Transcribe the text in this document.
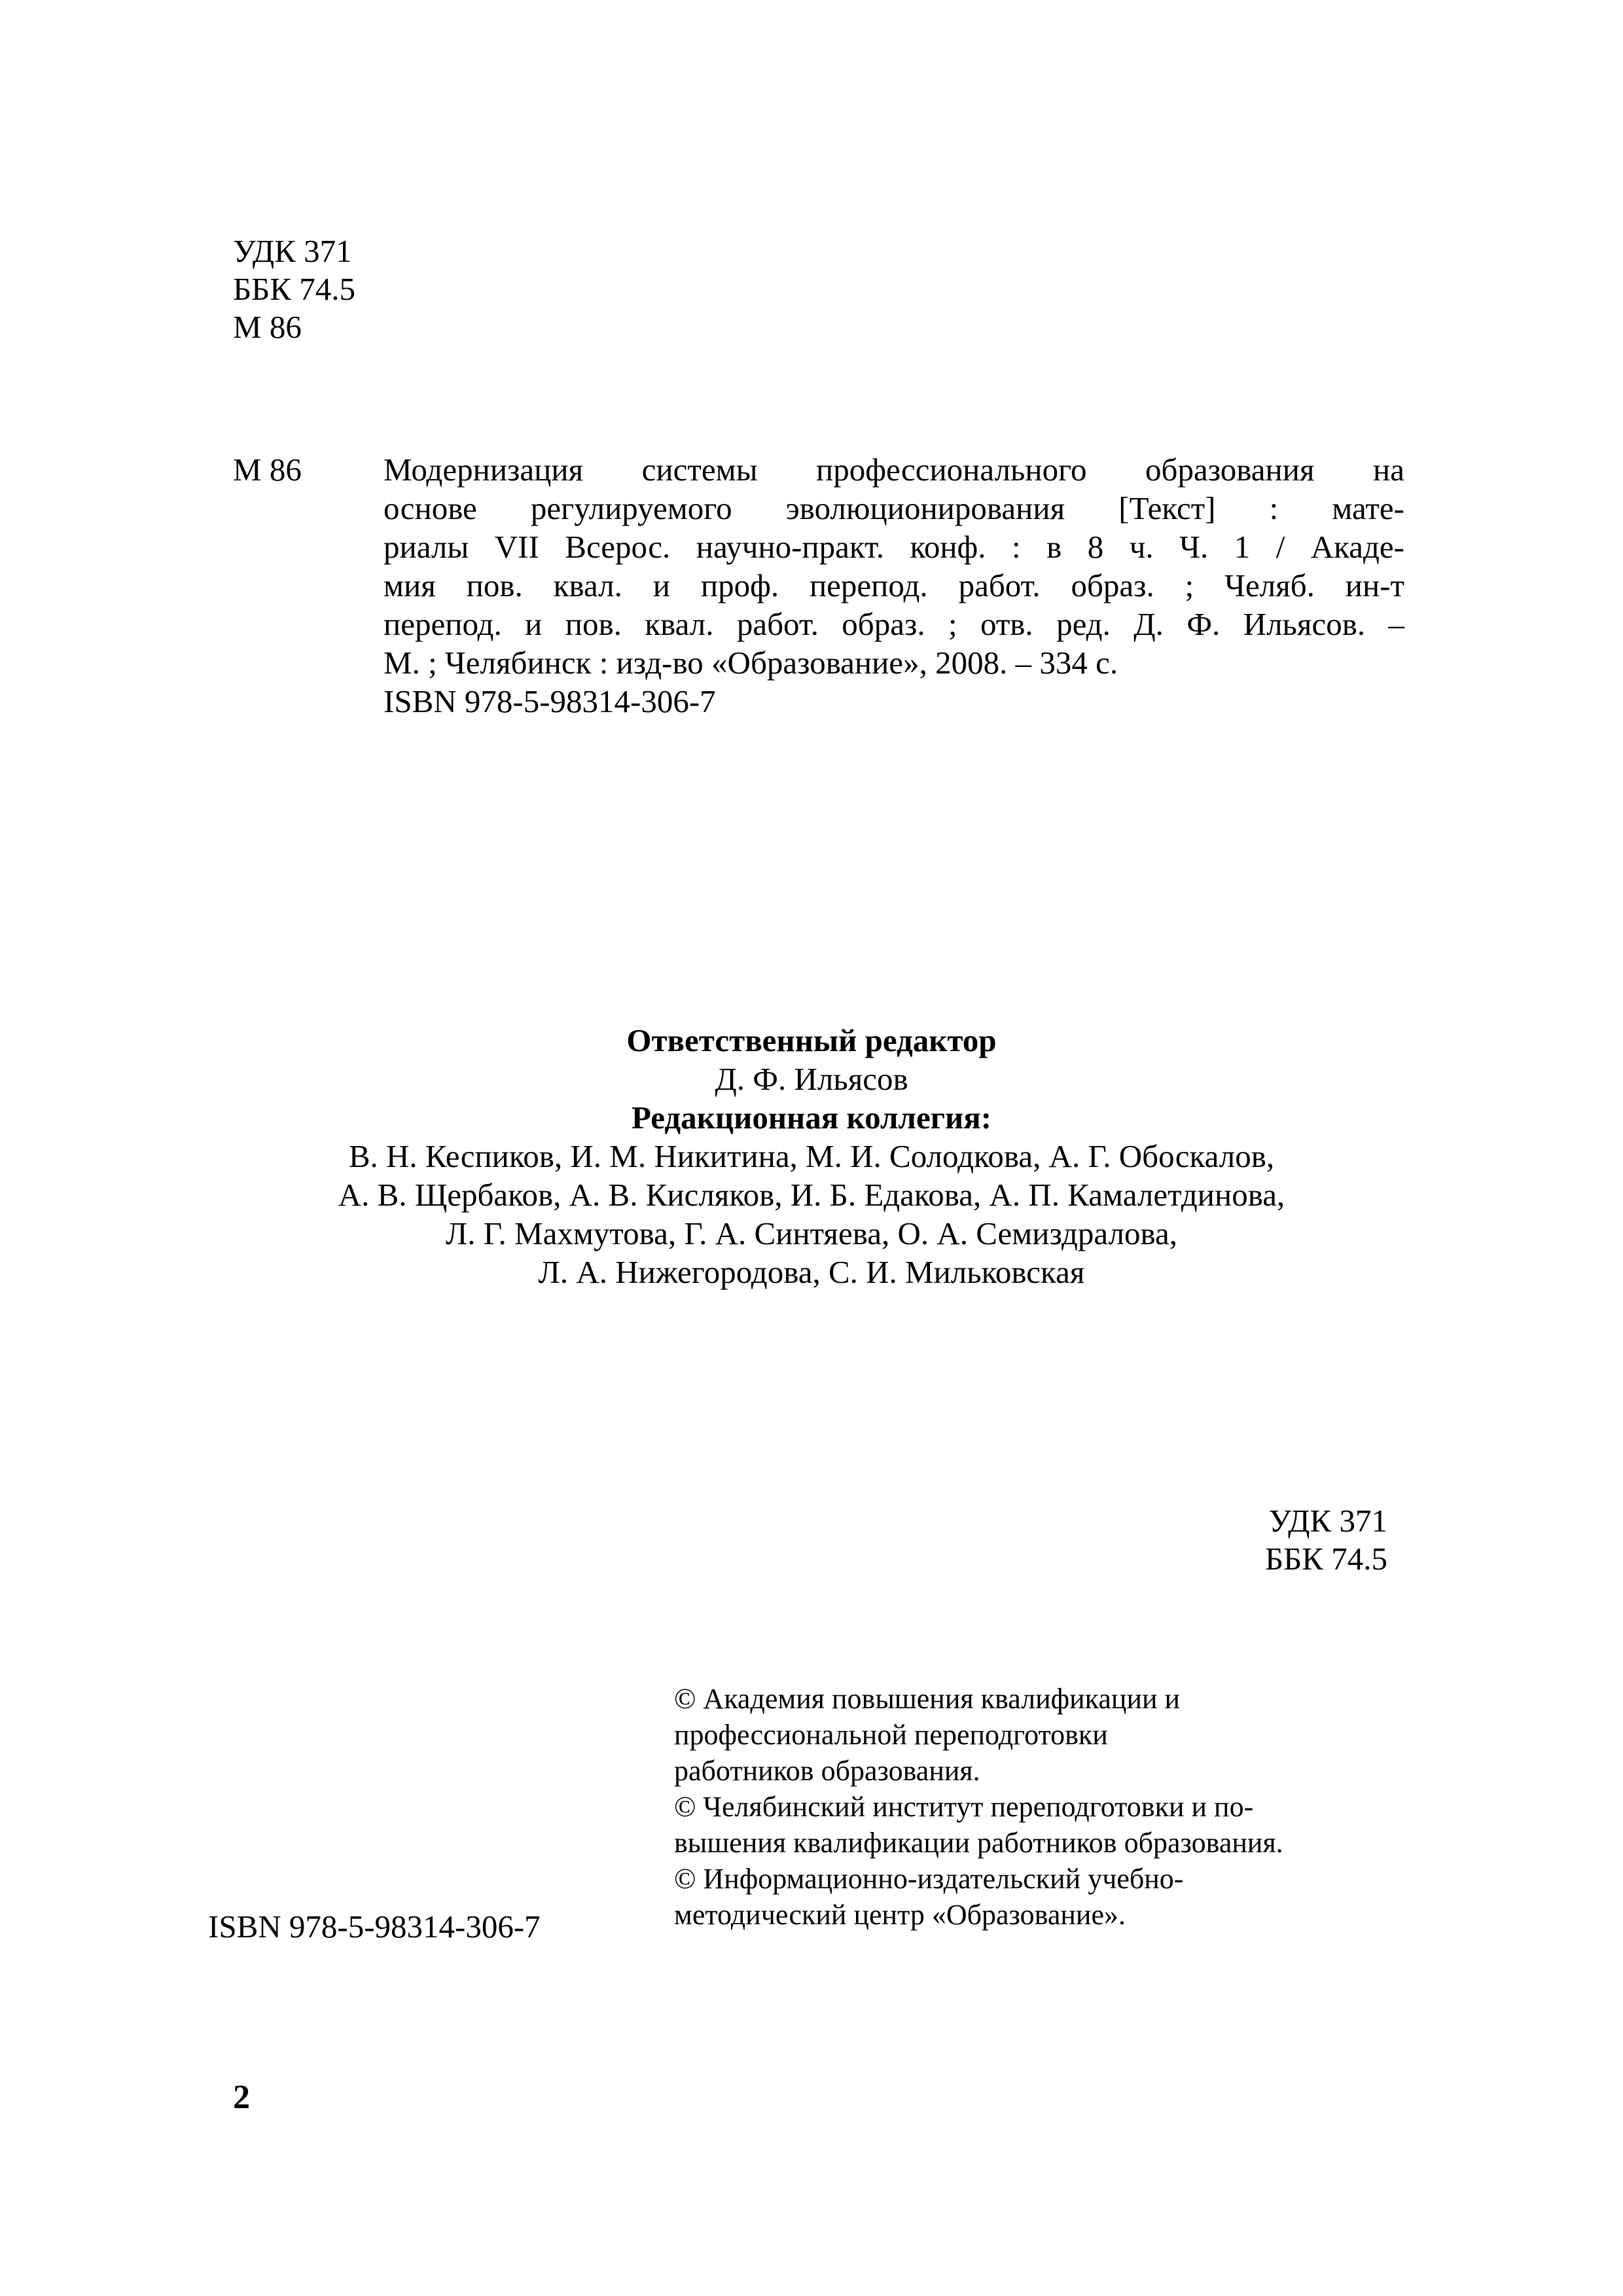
УДК 371
ББК 74.5
М 86
М 86	Модернизация системы профессионального образования на
основе регулируемого эволюционирования [Текст] : мате-
риалы VII Всерос. научно-практ. конф. : в 8 ч. Ч. 1 / Акаде-
мия пов. квал. и проф. перепод. работ. образ. ; Челяб. ин-т
перепод. и пов. квал. работ. образ. ; отв. ред. Д. Ф. Ильясов. –
М. ; Челябинск : изд-во «Образование», 2008. – 334 с.
ISBN 978-5-98314-306-7
Ответственный редактор
Д. Ф. Ильясов
Редакционная коллегия:
В. Н. Кеспиков, И. М. Никитина, М. И. Солодкова, А. Г. Обоскалов,
А. В. Щербаков, А. В. Кисляков, И. Б. Едакова, А. П. Камалетдинова,
Л. Г. Махмутова, Г. А. Синтяева, О. А. Семиздралова,
Л. А. Нижегородова, С. И. Мильковская
УДК 371
ББК 74.5
© Академия повышения квалификации и
профессиональной переподготовки
работников образования.
© Челябинский институт переподготовки и по-
вышения квалификации работников образования.
© Информационно-издательский учебно-
методический центр «Образование».
ISBN 978-5-98314-306-7
2
